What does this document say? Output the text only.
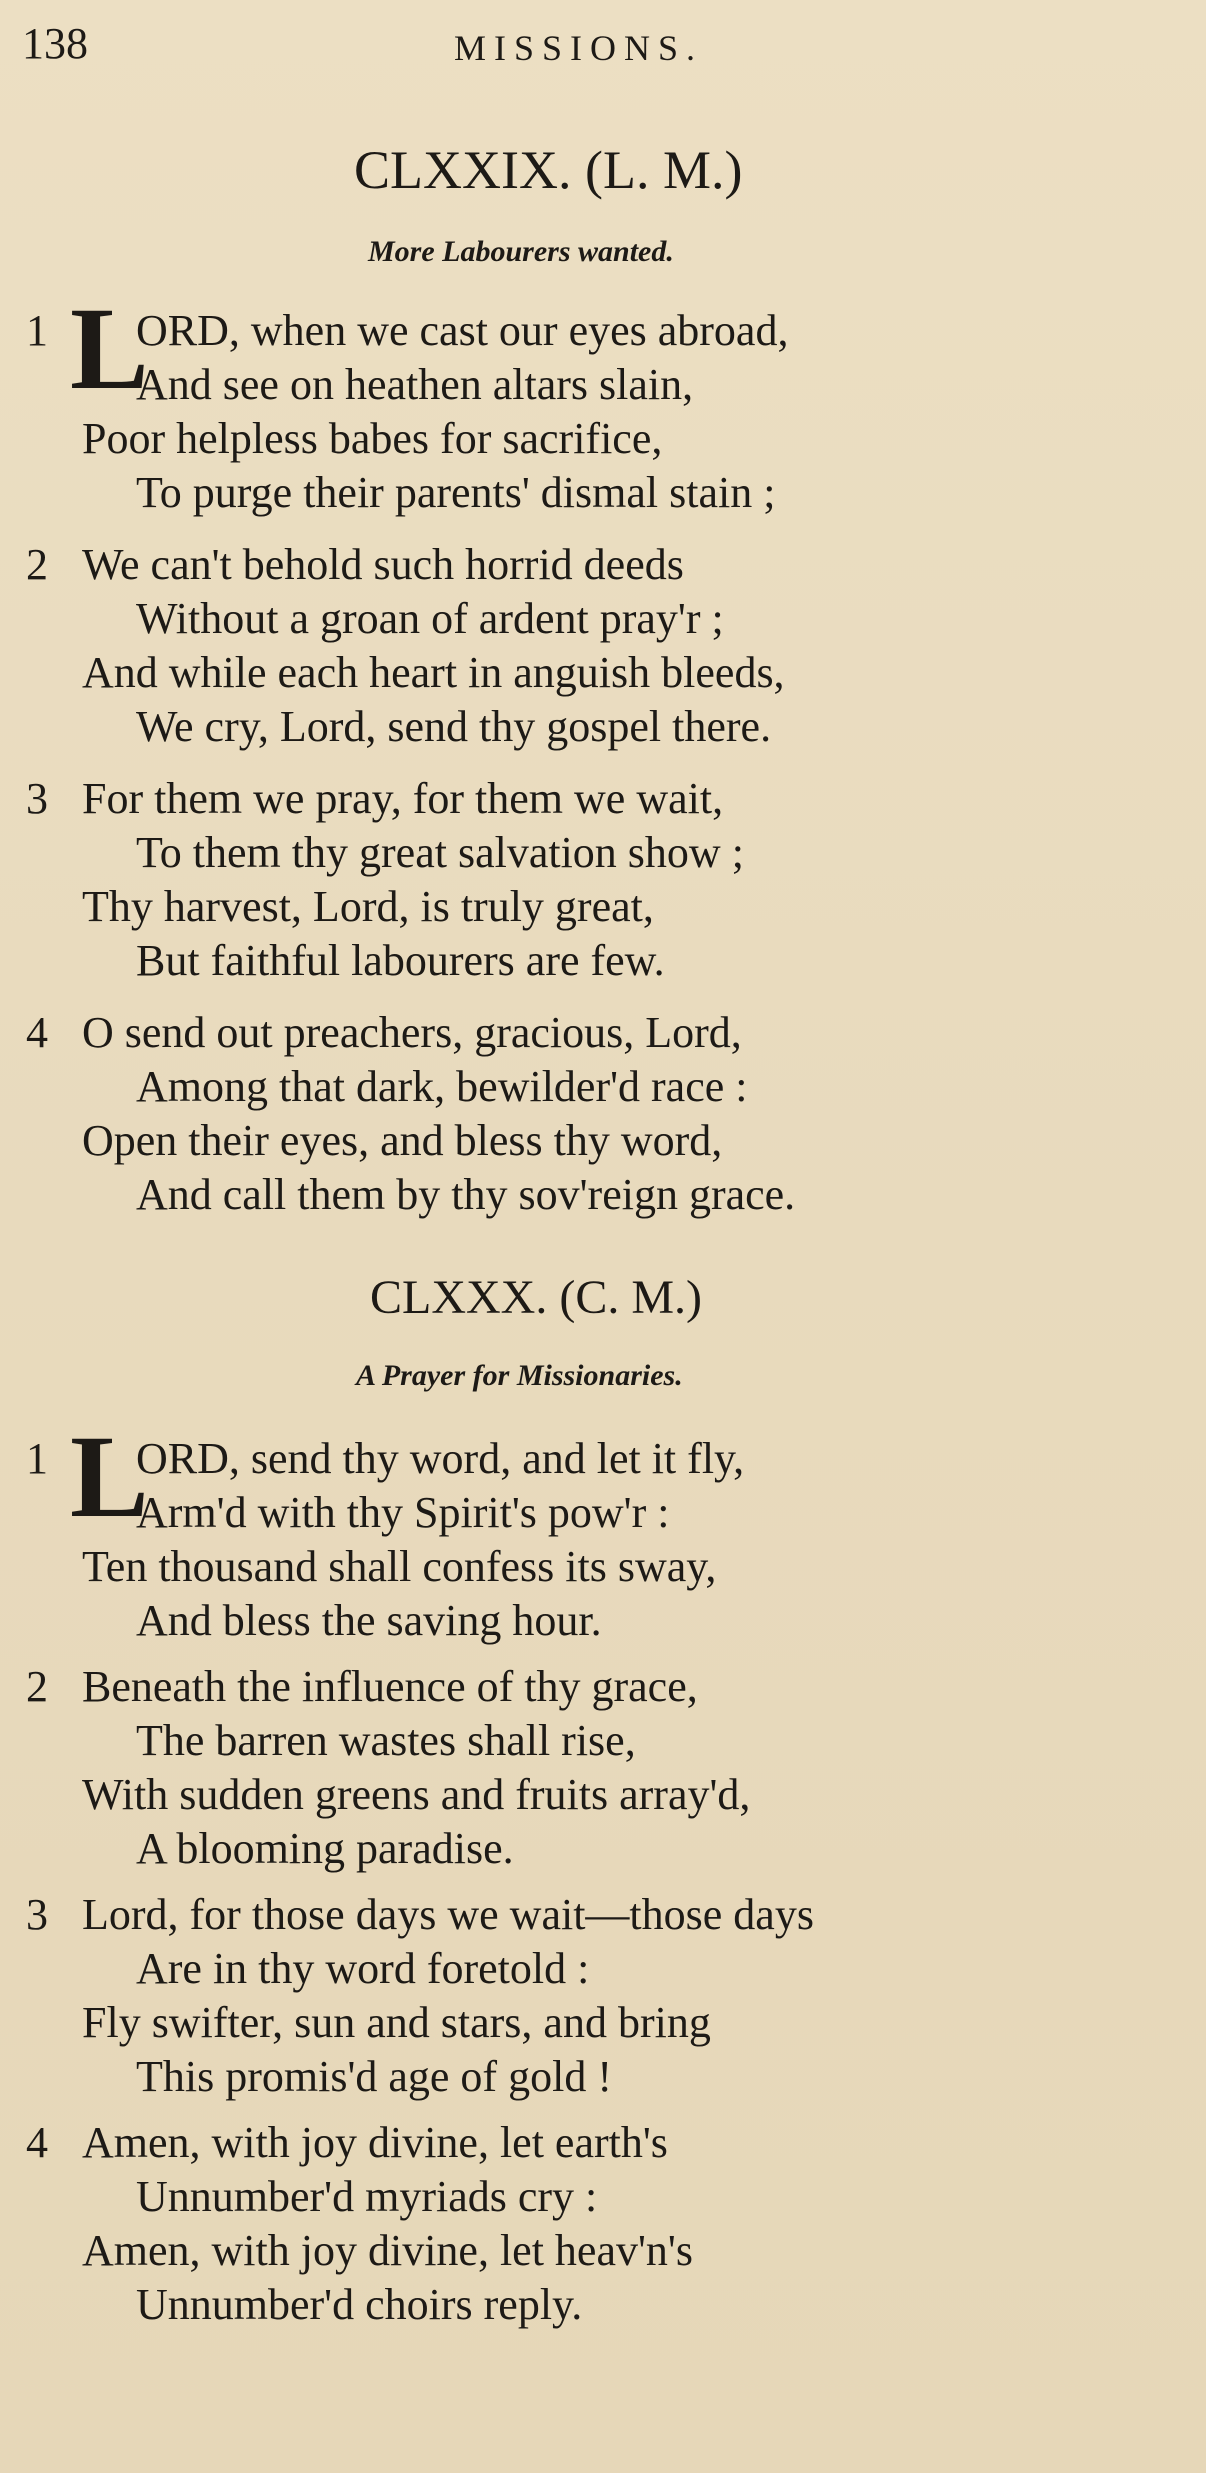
138	MISSIONS.
CLXXIX. (L. M.)
More Labourers wanted.
1 L
ORD, when we cast our eyes abroad,
And see on heathen altars slain,
Poor helpless babes for sacrifice,
To purge their parents' dismal stain ;
2 We can't behold such horrid deeds
Without a groan of ardent pray'r ;
And while each heart in anguish bleeds,
We cry, Lord, send thy gospel there.
3 For them we pray, for them we wait,
To them thy great salvation show ;
Thy harvest, Lord, is truly great,
But faithful labourers are few.
4 O send out preachers, gracious, Lord,
Among that dark, bewilder'd race :
Open their eyes, and bless thy word,
And call them by thy sov'reign grace.
CLXXX. (C. M.)
A Prayer for Missionaries.
1 L
ORD, send thy word, and let it fly,
Arm'd with thy Spirit's pow'r :
Ten thousand shall confess its sway,
And bless the saving hour.
2 Beneath the influence of thy grace,
The barren wastes shall rise,
With sudden greens and fruits array'd,
A blooming paradise.
3 Lord, for those days we wait—those days
Are in thy word foretold :
Fly swifter, sun and stars, and bring
This promis'd age of gold !
4 Amen, with joy divine, let earth's
Unnumber'd myriads cry :
Amen, with joy divine, let heav'n's
Unnumber'd choirs reply.
